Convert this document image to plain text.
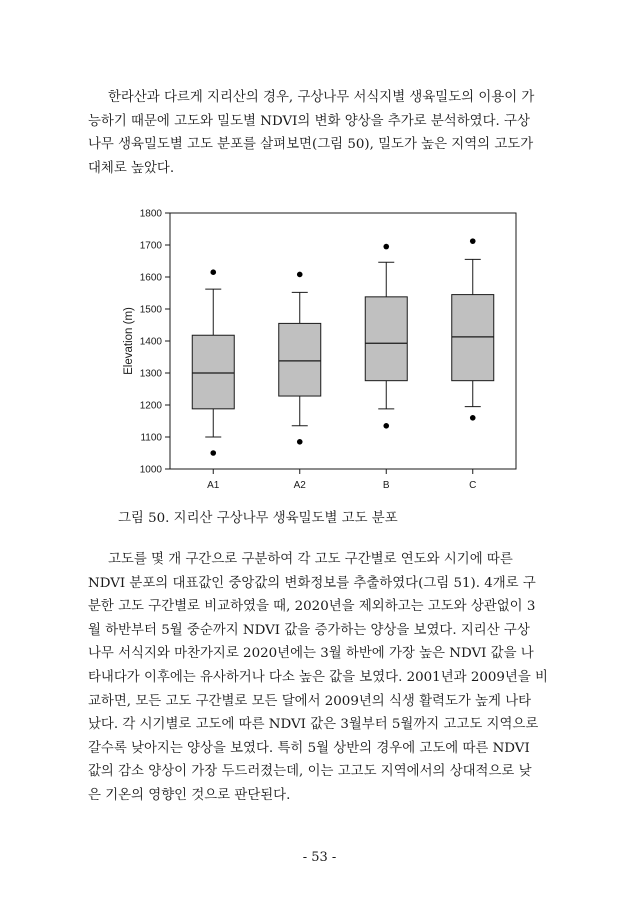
한라산과 다르게 지리산의 경우, 구상나무 서식지별 생육밀도의 이용이 가
능하기 때문에 고도와 밀도별 NDVI의 변화 양상을 추가로 분석하였다. 구상
나무 생육밀도별 고도 분포를 살펴보면(그림 50), 밀도가 높은 지역의 고도가
대체로 높았다.
1000
1100
1200
1300
1400
1500
1600
1700
1800
Elevation (m)
A1	A2	B	C
그림 50. 지리산 구상나무 생육밀도별 고도 분포
고도를 몇 개 구간으로 구분하여 각 고도 구간별로 연도와 시기에 따른
NDVI 분포의 대표값인 중앙값의 변화정보를 추출하였다(그림 51). 4개로 구
분한 고도 구간별로 비교하였을 때, 2020년을 제외하고는 고도와 상관없이 3
월 하반부터 5월 중순까지 NDVI 값을 증가하는 양상을 보였다. 지리산 구상
나무 서식지와 마찬가지로 2020년에는 3월 하반에 가장 높은 NDVI 값을 나
타내다가 이후에는 유사하거나 다소 높은 값을 보였다. 2001년과 2009년을 비
교하면, 모든 고도 구간별로 모든 달에서 2009년의 식생 활력도가 높게 나타
났다. 각 시기별로 고도에 따른 NDVI 값은 3월부터 5월까지 고고도 지역으로
갈수록 낮아지는 양상을 보였다. 특히 5월 상반의 경우에 고도에 따른 NDVI
값의 감소 양상이 가장 두드러졌는데, 이는 고고도 지역에서의 상대적으로 낮
은 기온의 영향인 것으로 판단된다.
- 53 -
